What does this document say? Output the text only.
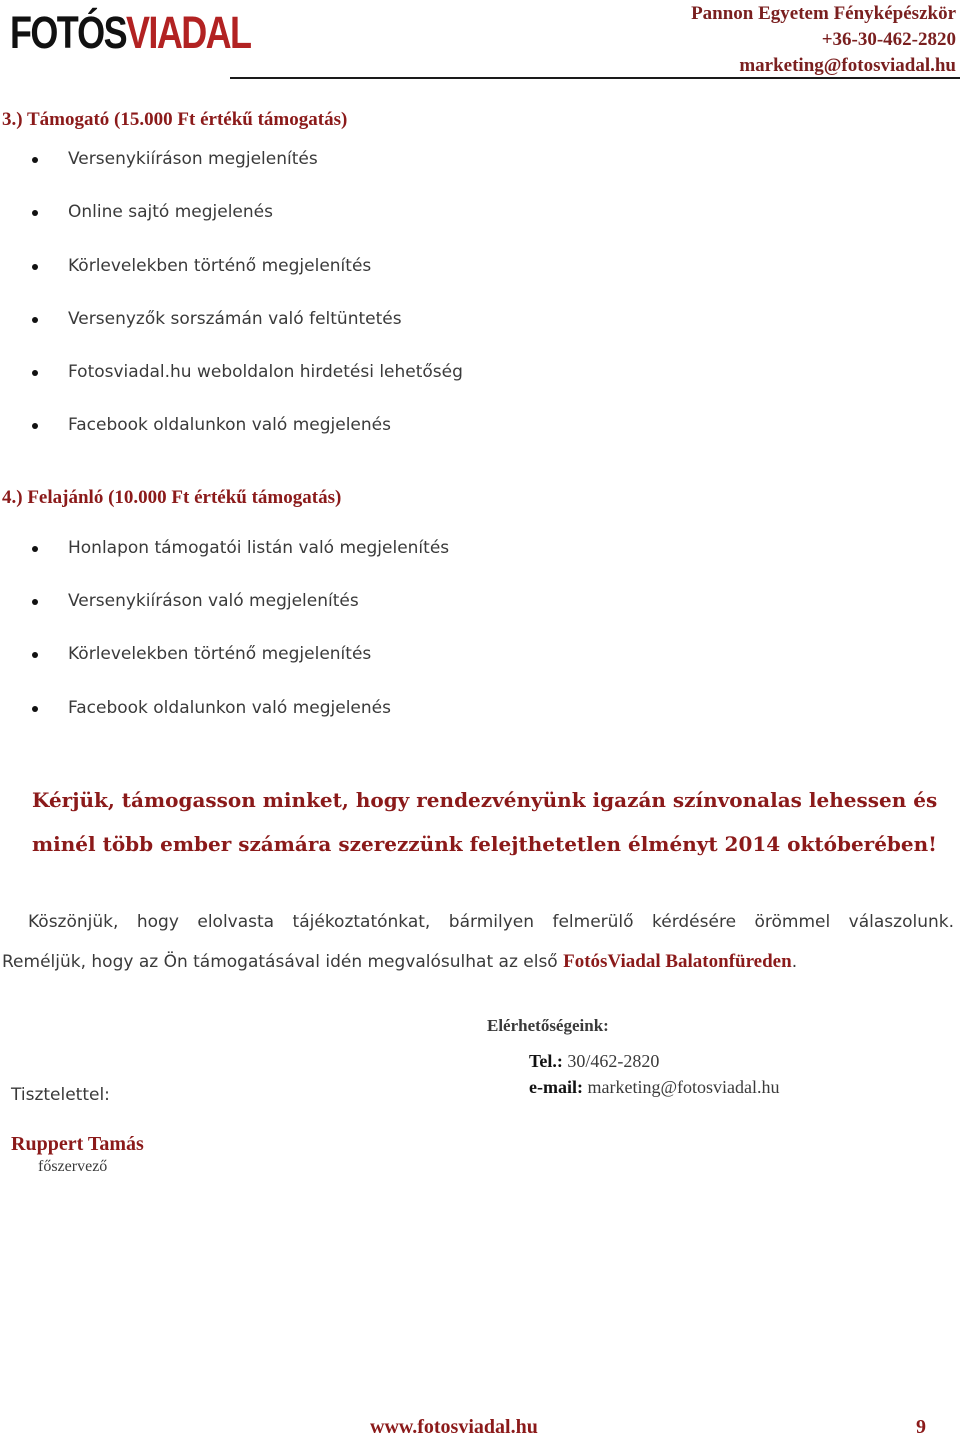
FOTÓSVIADAL	Pannon Egyetem Fényképészkör
+36-30-462-2820
marketing@fotosviadal.hu
3.) Támogató (15.000 Ft értékű támogatás)
Versenykiíráson megjelenítés
Online sajtó megjelenés
Körlevelekben történő megjelenítés
Versenyzők sorszámán való feltüntetés
Fotosviadal.hu weboldalon hirdetési lehetőség
Facebook oldalunkon való megjelenés
4.) Felajánló (10.000 Ft értékű támogatás)
Honlapon támogatói listán való megjelenítés
Versenykiíráson való megjelenítés
Körlevelekben történő megjelenítés
Facebook oldalunkon való megjelenés
Kérjük, támogasson minket, hogy rendezvényünk igazán színvonalas lehessen és
minél több ember számára szerezzünk felejthetetlen élményt 2014 októberében!
Köszönjük, hogy elolvasta tájékoztatónkat, bármilyen felmerülő kérdésére örömmel válaszolunk.
Reméljük, hogy az Ön támogatásával idén megvalósulhat az első FotósViadal Balatonfüreden.
Elérhetőségeink:
Tel.: 30/462-2820
e-mail: marketing@fotosviadal.hu
Tisztelettel:
Ruppert Tamás
főszervező
www.fotosviadal.hu	9
